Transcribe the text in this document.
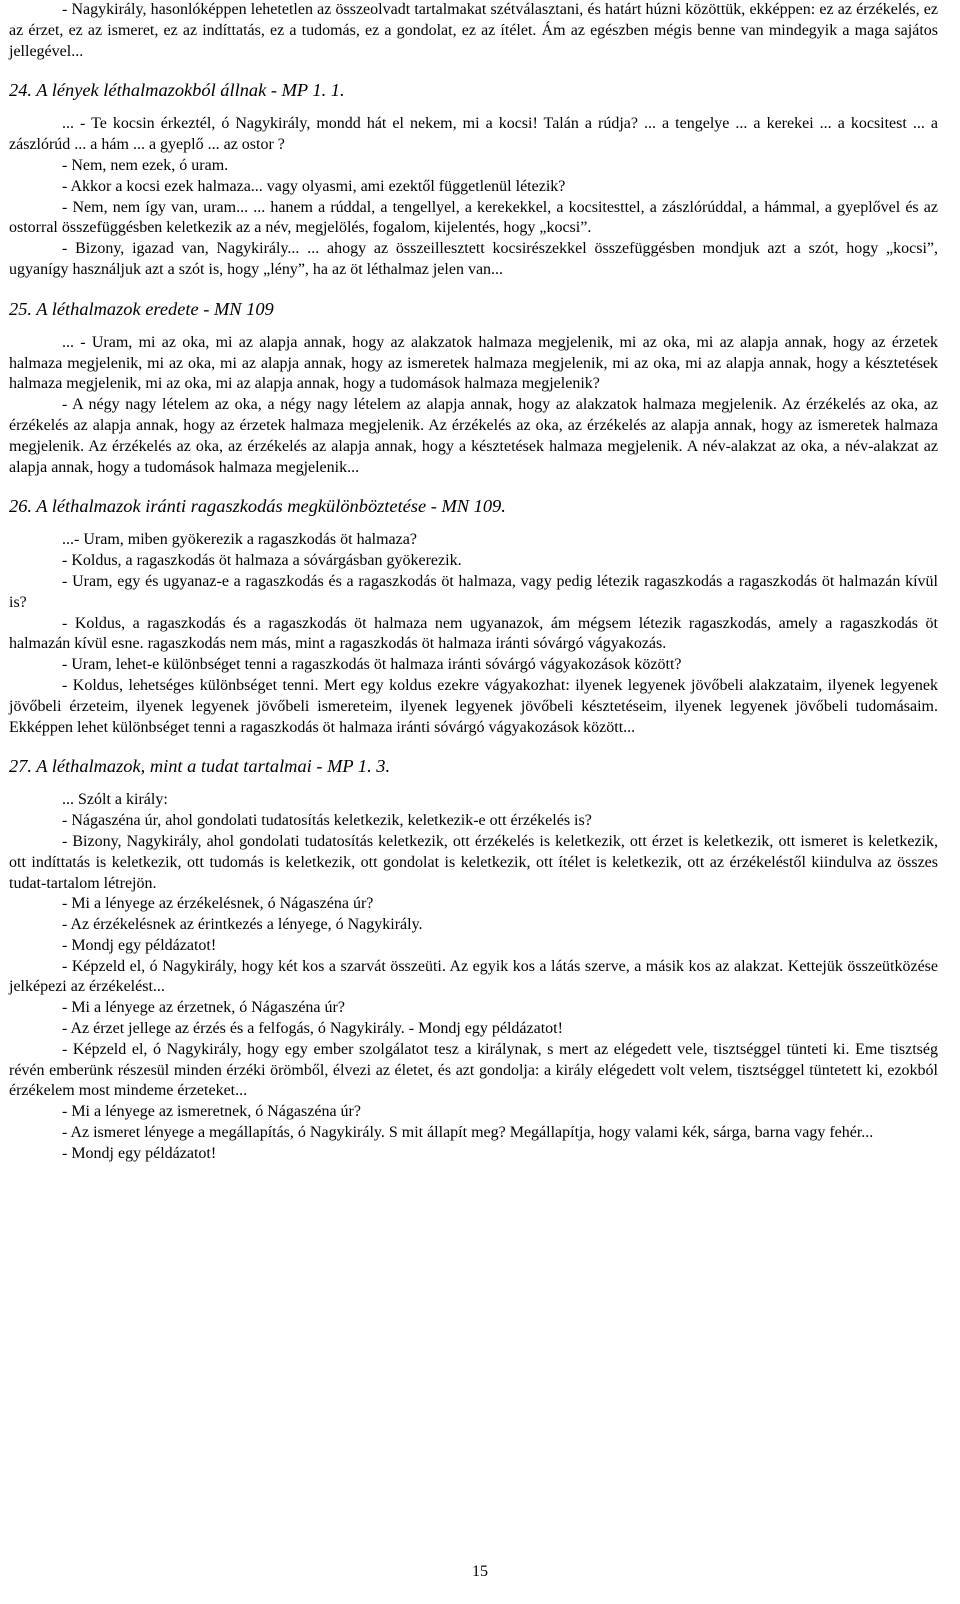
- Nagykirály, hasonlóképpen lehetetlen az összeolvadt tartalmakat szétválasztani, és határt húzni közöttük, ekképpen: ez az érzékelés, ez az érzet, ez az ismeret, ez az indíttatás, ez a tudomás, ez a gondolat, ez az ítélet. Ám az egészben mégis benne van mindegyik a maga sajátos jellegével...

24. A lények léthalmazokból állnak - MP 1. 1.

... - Te kocsin érkeztél, ó Nagykirály, mondd hát el nekem, mi a kocsi! Talán a rúdja? ... a tengelye ... a kerekei ... a kocsitest ... a zászlórúd ... a hám ... a gyeplő ... az ostor ?

- Nem, nem ezek, ó uram.

- Akkor a kocsi ezek halmaza... vagy olyasmi, ami ezektől függetlenül létezik?

- Nem, nem így van, uram... ... hanem a rúddal, a tengellyel, a kerekekkel, a kocsitesttel, a zászlórúddal, a hámmal, a gyeplővel és az ostorral összefüggésben keletkezik az a név, megjelölés, fogalom, kijelentés, hogy „kocsi”.

- Bizony, igazad van, Nagykirály... ... ahogy az összeillesztett kocsirészekkel összefüggésben mondjuk azt a szót, hogy „kocsi”, ugyanígy használjuk azt a szót is, hogy „lény”, ha az öt léthalmaz jelen van...

25. A léthalmazok eredete - MN 109

... - Uram, mi az oka, mi az alapja annak, hogy az alakzatok halmaza megjelenik, mi az oka, mi az alapja annak, hogy az érzetek halmaza megjelenik, mi az oka, mi az alapja annak, hogy az ismeretek halmaza megjelenik, mi az oka, mi az alapja annak, hogy a késztetések halmaza megjelenik, mi az oka, mi az alapja annak, hogy a tudomások halmaza megjelenik?

- A négy nagy lételem az oka, a négy nagy lételem az alapja annak, hogy az alakzatok halmaza megjelenik. Az érzékelés az oka, az érzékelés az alapja annak, hogy az érzetek halmaza megjelenik. Az érzékelés az oka, az érzékelés az alapja annak, hogy az ismeretek halmaza megjelenik. Az érzékelés az oka, az érzékelés az alapja annak, hogy a késztetések halmaza megjelenik. A név-alakzat az oka, a név-alakzat az alapja annak, hogy a tudomások halmaza megjelenik...

26. A léthalmazok iránti ragaszkodás megkülönböztetése - MN 109.

...- Uram, miben gyökerezik a ragaszkodás öt halmaza?

- Koldus, a ragaszkodás öt halmaza a sóvárgásban gyökerezik.

- Uram, egy és ugyanaz-e a ragaszkodás és a ragaszkodás öt halmaza, vagy pedig létezik ragaszkodás a ragaszkodás öt halmazán kívül is?

- Koldus, a ragaszkodás és a ragaszkodás öt halmaza nem ugyanazok, ám mégsem létezik ragaszkodás, amely a ragaszkodás öt halmazán kívül esne. ragaszkodás nem más, mint a ragaszkodás öt halmaza iránti sóvárgó vágyakozás.

- Uram, lehet-e különbséget tenni a ragaszkodás öt halmaza iránti sóvárgó vágyakozások között?

- Koldus, lehetséges különbséget tenni. Mert egy koldus ezekre vágyakozhat: ilyenek legyenek jövőbeli alakzataim, ilyenek legyenek jövőbeli érzeteim, ilyenek legyenek jövőbeli ismereteim, ilyenek legyenek jövőbeli késztetéseim, ilyenek legyenek jövőbeli tudomásaim. Ekképpen lehet különbséget tenni a ragaszkodás öt halmaza iránti sóvárgó vágyakozások között...

27. A léthalmazok, mint a tudat tartalmai - MP 1. 3.

... Szólt a király:

- Nágaszéna úr, ahol gondolati tudatosítás keletkezik, keletkezik-e ott érzékelés is?

- Bizony, Nagykirály, ahol gondolati tudatosítás keletkezik, ott érzékelés is keletkezik, ott érzet is keletkezik, ott ismeret is keletkezik, ott indíttatás is keletkezik, ott tudomás is keletkezik, ott gondolat is keletkezik, ott ítélet is keletkezik, ott az érzékeléstől kiindulva az összes tudat-tartalom létrejön.

- Mi a lényege az érzékelésnek, ó Nágaszéna úr?

- Az érzékelésnek az érintkezés a lényege, ó Nagykirály.

- Mondj egy példázatot!

- Képzeld el, ó Nagykirály, hogy két kos a szarvát összeüti. Az egyik kos a látás szerve, a másik kos az alakzat. Kettejük összeütközése jelképezi az érzékelést...

- Mi a lényege az érzetnek, ó Nágaszéna úr?

- Az érzet jellege az érzés és a felfogás, ó Nagykirály. - Mondj egy példázatot!

- Képzeld el, ó Nagykirály, hogy egy ember szolgálatot tesz a királynak, s mert az elégedett vele, tisztséggel tünteti ki. Eme tisztség révén emberünk részesül minden érzéki örömből, élvezi az életet, és azt gondolja: a király elégedett volt velem, tisztséggel tüntetett ki, ezokból érzékelem most mindeme érzeteket...

- Mi a lényege az ismeretnek, ó Nágaszéna úr?

- Az ismeret lényege a megállapítás, ó Nagykirály. S mit állapít meg? Megállapítja, hogy valami kék, sárga, barna vagy fehér...

- Mondj egy példázatot!

15
